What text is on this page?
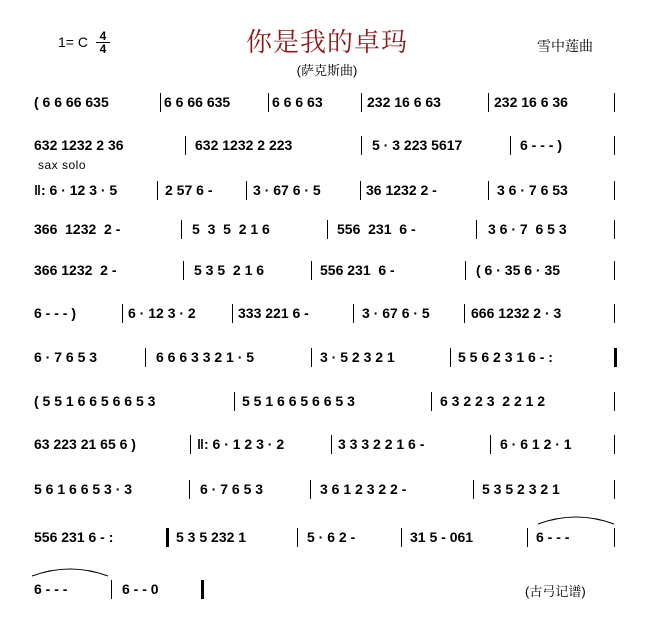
1= C $\frac{4}{4}$	你是我的卓玛
(萨克斯曲)
雪中莲曲
sax solo
(古弓记谱)
( 6 6 66 635	6 6 66 635	6 6 6 63	232 16 6 63	232 16 6 36
632 1232 2 36	632 1232 2 223	5 · 3 223 5617	6 - - - )
‖: 6 · 12 3 · 5	2 57 6 -	3 · 67 6 · 5	36 1232 2 -	3 6 · 7 6 53
366  1232  2 -	5  3  5  2 1 6	556  231  6 -	3 6 · 7  6 5 3
366 1232  2 -	5 3 5  2 1 6	556 231  6 -	( 6 · 35 6 · 35
6 - - - )	6 · 12 3 · 2	333 221 6 -	3 · 67 6 · 5	666 1232 2 · 3
6 · 7 6 5 3	6 6 6 3 3 2 1 · 5	3 · 5 2 3 2 1	5 5 6 2 3 1 6 - :
( 5 5 1 6 6 5 6 6 5 3	5 5 1 6 6 5 6 6 5 3	6 3 2 2 3  2 2 1 2
63 223 21 65 6 )	‖: 6 · 1 2 3 · 2	3 3 3 2 2 1 6 -	6 · 6 1 2 · 1
5 6 1 6 6 5 3 · 3	6 · 7 6 5 3	3 6 1 2 3 2 2 -	5 3 5 2 3 2 1
556 231 6 - :	5 3 5 232 1	5 · 6 2 -	31 5 - 061	6 - - -
6 - - -	6 - - 0
